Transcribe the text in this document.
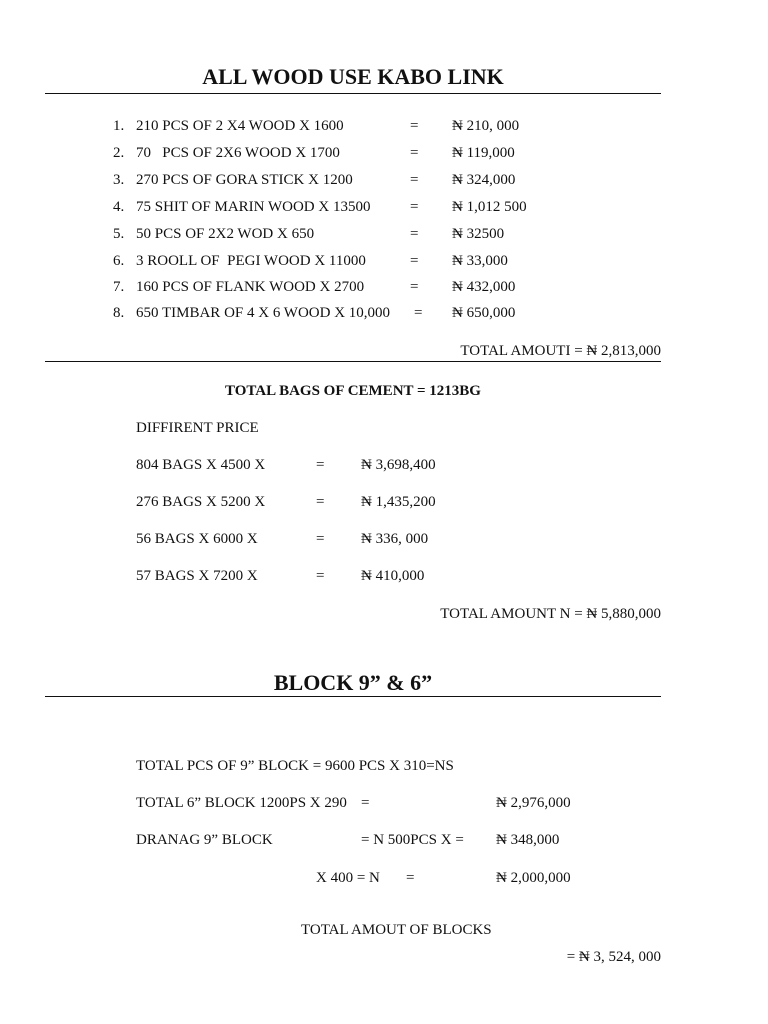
ALL WOOD USE KABO LINK
1. 210 PCS OF 2 X4 WOOD X 1600	= ₦ 210, 000
2. 70   PCS OF 2X6 WOOD X 1700	= ₦ 119,000
3. 270 PCS OF GORA STICK X 1200	= ₦ 324,000
4. 75 SHIT OF MARIN WOOD X 13500	= ₦ 1,012 500
5. 50 PCS OF 2X2 WOD X 650	= ₦ 32500
6. 3 ROOLL OF  PEGI WOOD X 11000	= ₦ 33,000
7. 160 PCS OF FLANK WOOD X 2700	= ₦ 432,000
8. 650 TIMBAR OF 4 X 6 WOOD X 10,000 = ₦ 650,000
TOTAL AMOUTI = ₦ 2,813,000
TOTAL BAGS OF CEMENT = 1213BG
DIFFIRENT PRICE
804 BAGS X 4500 X	= ₦ 3,698,400
276 BAGS X 5200 X	= ₦ 1,435,200
56 BAGS X 6000 X	= ₦ 336, 000
57 BAGS X 7200 X	= ₦ 410,000
TOTAL AMOUNT N = ₦ 5,880,000
BLOCK 9” & 6”
TOTAL PCS OF 9” BLOCK = 9600 PCS X 310=NS
TOTAL 6” BLOCK 1200PS X 290 =	₦ 2,976,000
DRANAG 9” BLOCK	= N 500PCS X = ₦ 348,000
X 400 = N =	₦ 2,000,000
TOTAL AMOUT OF BLOCKS
= ₦ 3, 524, 000
